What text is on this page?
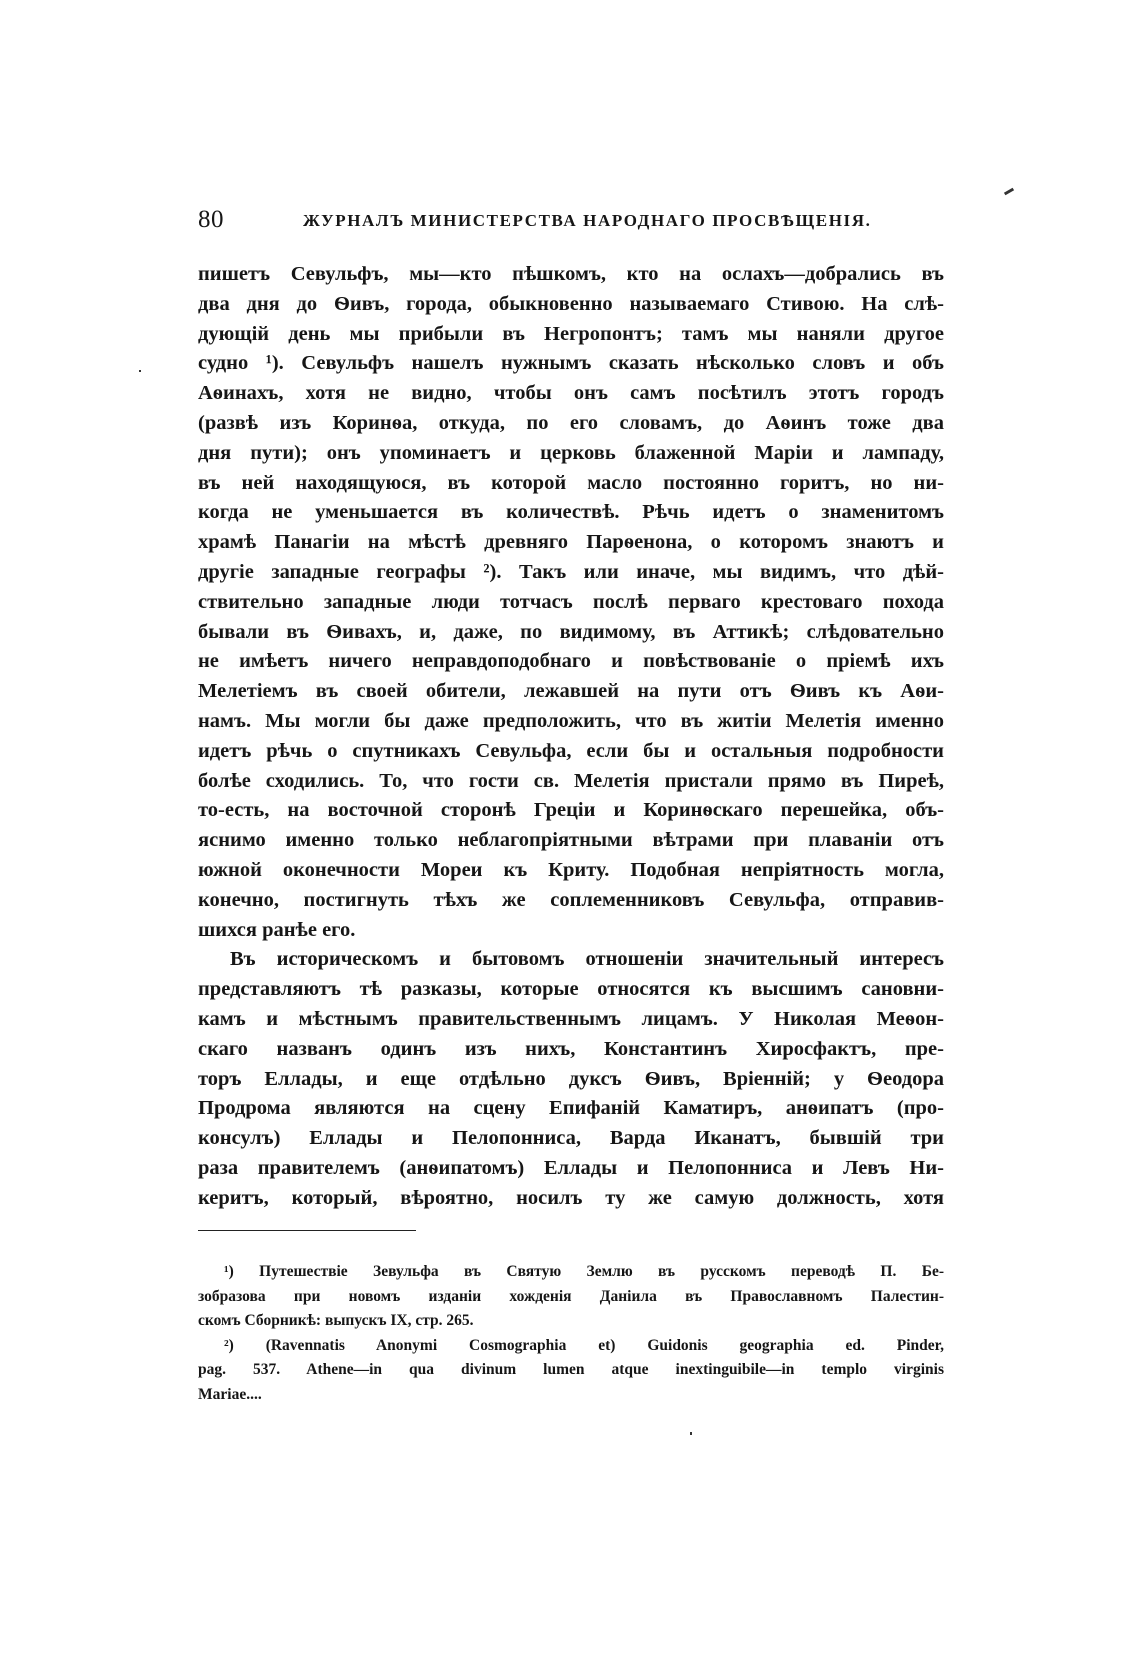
80	ЖУРНАЛЪ МИНИСТЕРСТВА НАРОДНАГО ПРОСВѢЩЕНІЯ.
пишетъ Севульфъ, мы—кто пѣшкомъ, кто на ослахъ—добрались въ
два дня до Ѳивъ, города, обыкновенно называемаго Стивою. На слѣ-
дующій день мы прибыли въ Негропонтъ; тамъ мы наняли другое
судно ¹). Севульфъ нашелъ нужнымъ сказать нѣсколько словъ и объ
Аѳинахъ, хотя не видно, чтобы онъ самъ посѣтилъ этотъ городъ
(развѣ изъ Коринѳа, откуда, по его словамъ, до Аѳинъ тоже два
дня пути); онъ упоминаетъ и церковь блаженной Маріи и лампаду,
въ ней находящуюся, въ которой масло постоянно горитъ, но ни-
когда не уменьшается въ количествѣ. Рѣчь идетъ о знаменитомъ
храмѣ Панагіи на мѣстѣ древняго Парѳенона, о которомъ знаютъ и
другіе западные географы ²). Такъ или иначе, мы видимъ, что дѣй-
ствительно западные люди тотчасъ послѣ перваго крестоваго похода
бывали въ Ѳивахъ, и, даже, по видимому, въ Аттикѣ; слѣдовательно
не имѣетъ ничего неправдоподобнаго и повѣствованіе о пріемѣ ихъ
Мелетіемъ въ своей обители, лежавшей на пути отъ Ѳивъ къ Аѳи-
намъ. Мы могли бы даже предположить, что въ житіи Мелетія именно
идетъ рѣчь о спутникахъ Севульфа, если бы и остальныя подробности
болѣе сходились. То, что гости св. Мелетія пристали прямо въ Пиреѣ,
то-есть, на восточной сторонѣ Греціи и Коринѳскаго перешейка, объ-
яснимо именно только неблагопріятными вѣтрами при плаваніи отъ
южной оконечности Мореи къ Криту. Подобная непріятность могла,
конечно, постигнуть тѣхъ же соплеменниковъ Севульфа, отправив-
шихся ранѣе его.
Въ историческомъ и бытовомъ отношеніи значительный интересъ
представляютъ тѣ разказы, которые относятся къ высшимъ сановни-
камъ и мѣстнымъ правительственнымъ лицамъ. У Николая Меѳон-
скаго названъ одинъ изъ нихъ, Константинъ Хиросфактъ, пре-
торъ Еллады, и еще отдѣльно дуксъ Ѳивъ, Вріенній; у Ѳеодора
Продрома являются на сцену Епифаній Каматиръ, анѳипатъ (про-
консулъ) Еллады и Пелопонниса, Варда Иканатъ, бывшій три
раза правителемъ (анѳипатомъ) Еллады и Пелопонниса и Левъ Ни-
керитъ, который, вѣроятно, носилъ ту же самую должность, хотя
¹) Путешествіе Зевульфа въ Святую Землю въ русскомъ переводѣ П. Бе-
зобразова при новомъ изданіи хожденія Даніила въ Православномъ Палестин-
скомъ Сборникѣ: выпускъ IX, стр. 265.
²) (Ravennatis Anonymi Cosmographia et) Guidonis geographia ed. Pinder,
pag. 537. Athene—in qua divinum lumen atque inextinguibile—in templo virginis
Mariae....
